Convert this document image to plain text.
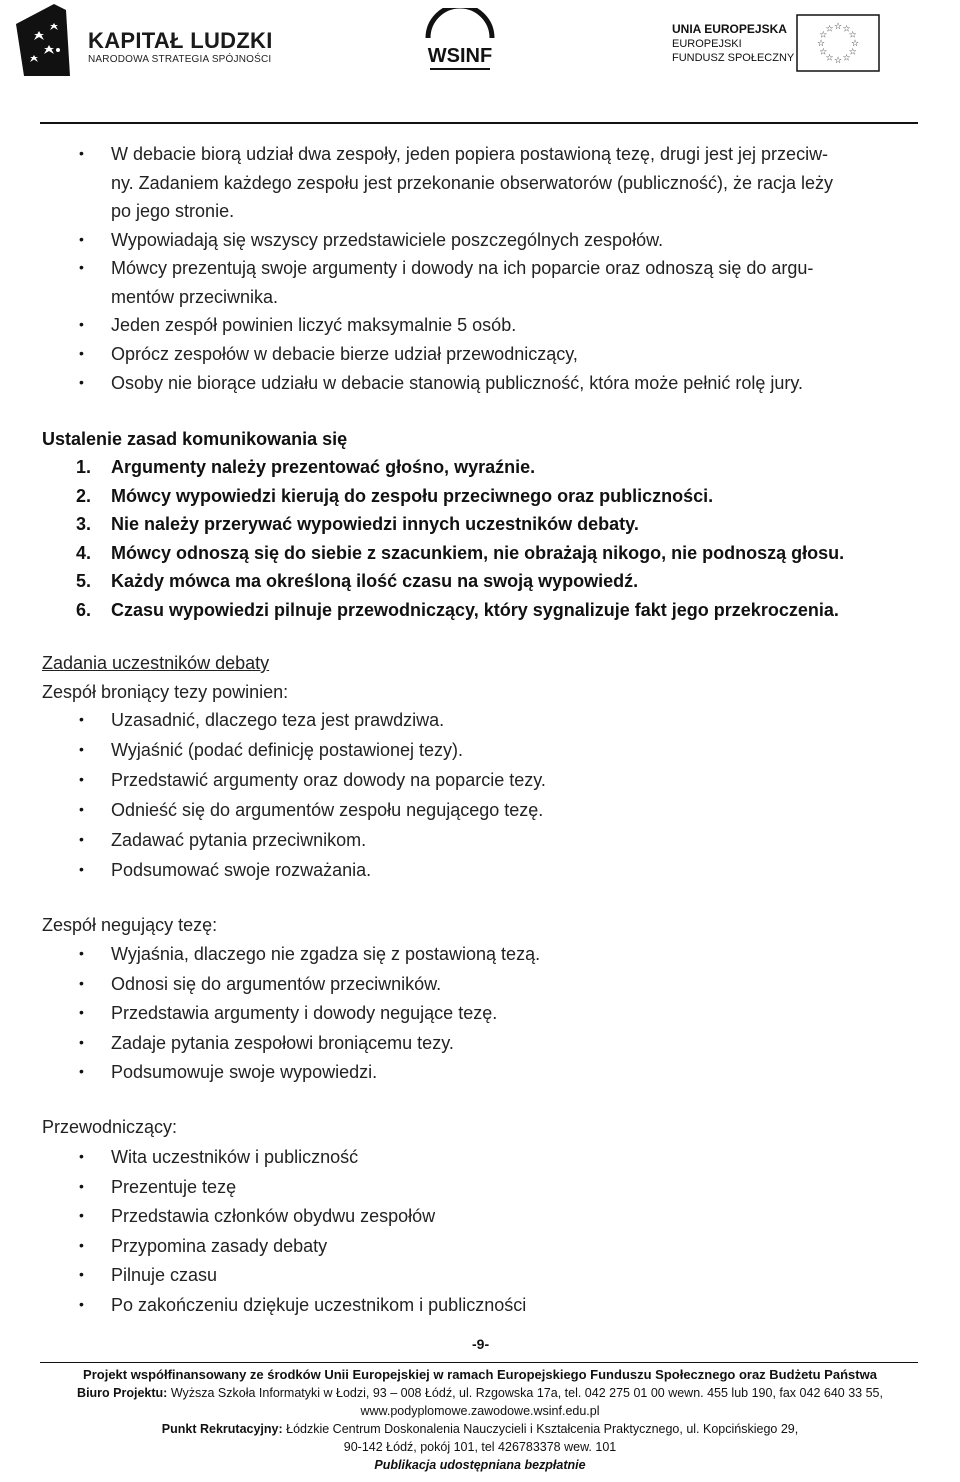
KAPITAŁ LUDZKI
NARODOWA STRATEGIA SPÓJNOŚCI	WSINF
UNIA EUROPEJSKA
EUROPEJSKI
FUNDUSZ SPOŁECZNY
☆ ☆
☆
☆
☆
☆
☆
☆
☆
☆
☆
☆
• W debacie biorą udział dwa zespoły, jeden popiera postawioną tezę, drugi jest jej przeciw-
ny. Zadaniem każdego zespołu jest przekonanie obserwatorów (publiczność), że racja leży
po jego stronie.
• Wypowiadają się wszyscy przedstawiciele poszczególnych zespołów.
• Mówcy prezentują swoje argumenty i dowody na ich poparcie oraz odnoszą się do argu-
mentów przeciwnika.
• Jeden zespół powinien liczyć maksymalnie 5 osób.
• Oprócz zespołów w debacie bierze udział przewodniczący,
• Osoby nie biorące udziału w debacie stanowią publiczność, która może pełnić rolę jury.
Ustalenie zasad komunikowania się
1. Argumenty należy prezentować głośno, wyraźnie.
2. Mówcy wypowiedzi kierują do zespołu przeciwnego oraz publiczności.
3. Nie należy przerywać wypowiedzi innych uczestników debaty.
4. Mówcy odnoszą się do siebie z szacunkiem, nie obrażają nikogo, nie podnoszą głosu.
5. Każdy mówca ma określoną ilość czasu na swoją wypowiedź.
6. Czasu wypowiedzi pilnuje przewodniczący, który sygnalizuje fakt jego przekroczenia.
Zadania uczestników debaty
Zespół broniący tezy powinien:
• Uzasadnić, dlaczego teza jest prawdziwa.
• Wyjaśnić (podać definicję postawionej tezy).
• Przedstawić argumenty oraz dowody na poparcie tezy.
• Odnieść się do argumentów zespołu negującego tezę.
• Zadawać pytania przeciwnikom.
• Podsumować swoje rozważania.
Zespół negujący tezę:
• Wyjaśnia, dlaczego nie zgadza się z postawioną tezą.
• Odnosi się do argumentów przeciwników.
• Przedstawia argumenty i dowody negujące tezę.
• Zadaje pytania zespołowi broniącemu tezy.
• Podsumowuje swoje wypowiedzi.
Przewodniczący:
• Wita uczestników i publiczność
• Prezentuje tezę
• Przedstawia członków obydwu zespołów
• Przypomina zasady debaty
• Pilnuje czasu
• Po zakończeniu dziękuje uczestnikom i publiczności
-9-
Projekt współfinansowany ze środków Unii Europejskiej w ramach Europejskiego Funduszu Społecznego oraz Budżetu Państwa
Biuro Projektu: Wyższa Szkoła Informatyki w Łodzi, 93 – 008 Łódź, ul. Rzgowska 17a, tel. 042 275 01 00 wewn. 455 lub 190, fax 042 640 33 55,
www.podyplomowe.zawodowe.wsinf.edu.pl
Punkt Rekrutacyjny: Łódzkie Centrum Doskonalenia Nauczycieli i Kształcenia Praktycznego, ul. Kopcińskiego 29,
90-142 Łódź, pokój 101, tel 426783378 wew. 101
Publikacja udostępniana bezpłatnie
